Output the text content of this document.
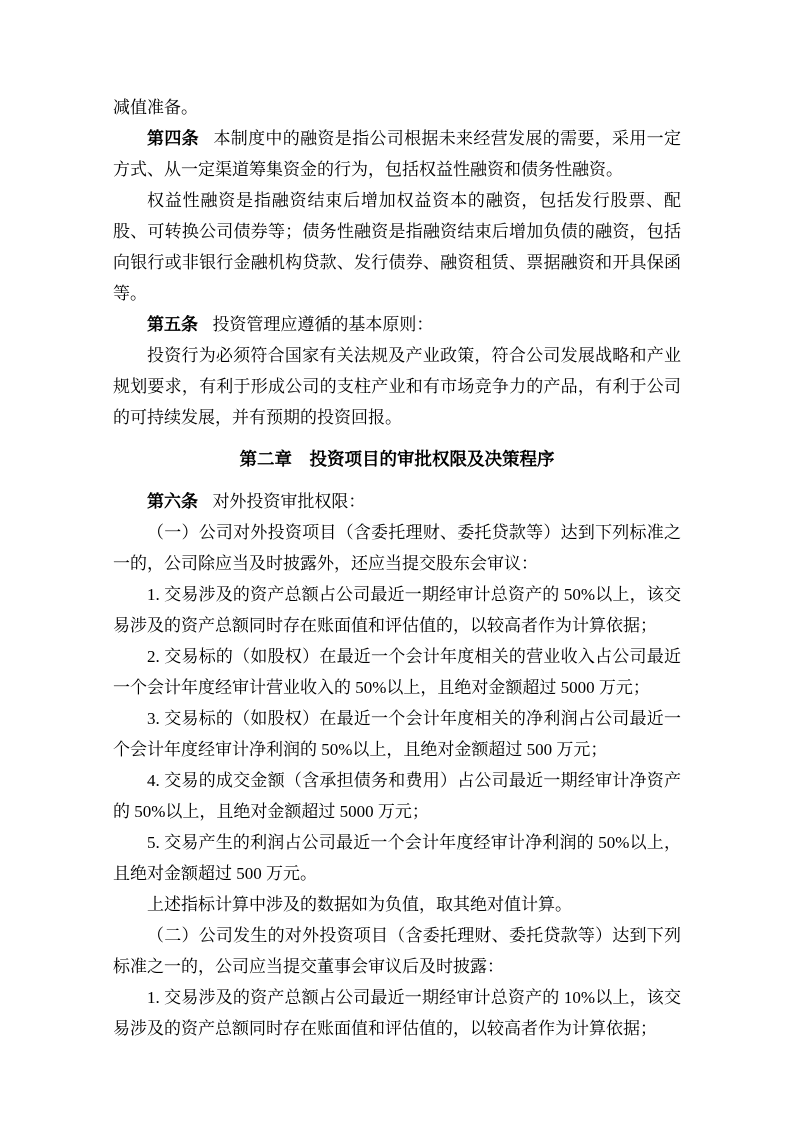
减值准备。

第四条 本制度中的融资是指公司根据未来经营发展的需要，采用一定方式、从一定渠道筹集资金的行为，包括权益性融资和债务性融资。

权益性融资是指融资结束后增加权益资本的融资，包括发行股票、配股、可转换公司债券等；债务性融资是指融资结束后增加负债的融资，包括向银行或非银行金融机构贷款、发行债券、融资租赁、票据融资和开具保函等。

第五条 投资管理应遵循的基本原则：

投资行为必须符合国家有关法规及产业政策，符合公司发展战略和产业规划要求，有利于形成公司的支柱产业和有市场竞争力的产品，有利于公司的可持续发展，并有预期的投资回报。

第二章 投资项目的审批权限及决策程序

第六条 对外投资审批权限：

（一）公司对外投资项目（含委托理财、委托贷款等）达到下列标准之一的，公司除应当及时披露外，还应当提交股东会审议：

1. 交易涉及的资产总额占公司最近一期经审计总资产的 50%以上，该交易涉及的资产总额同时存在账面值和评估值的，以较高者作为计算依据；

2. 交易标的（如股权）在最近一个会计年度相关的营业收入占公司最近一个会计年度经审计营业收入的 50%以上，且绝对金额超过 5000 万元；

3. 交易标的（如股权）在最近一个会计年度相关的净利润占公司最近一个会计年度经审计净利润的 50%以上，且绝对金额超过 500 万元；

4. 交易的成交金额（含承担债务和费用）占公司最近一期经审计净资产的 50%以上，且绝对金额超过 5000 万元；

5. 交易产生的利润占公司最近一个会计年度经审计净利润的 50%以上，且绝对金额超过 500 万元。

上述指标计算中涉及的数据如为负值，取其绝对值计算。

（二）公司发生的对外投资项目（含委托理财、委托贷款等）达到下列标准之一的，公司应当提交董事会审议后及时披露：

1. 交易涉及的资产总额占公司最近一期经审计总资产的 10%以上，该交易涉及的资产总额同时存在账面值和评估值的，以较高者作为计算依据；
